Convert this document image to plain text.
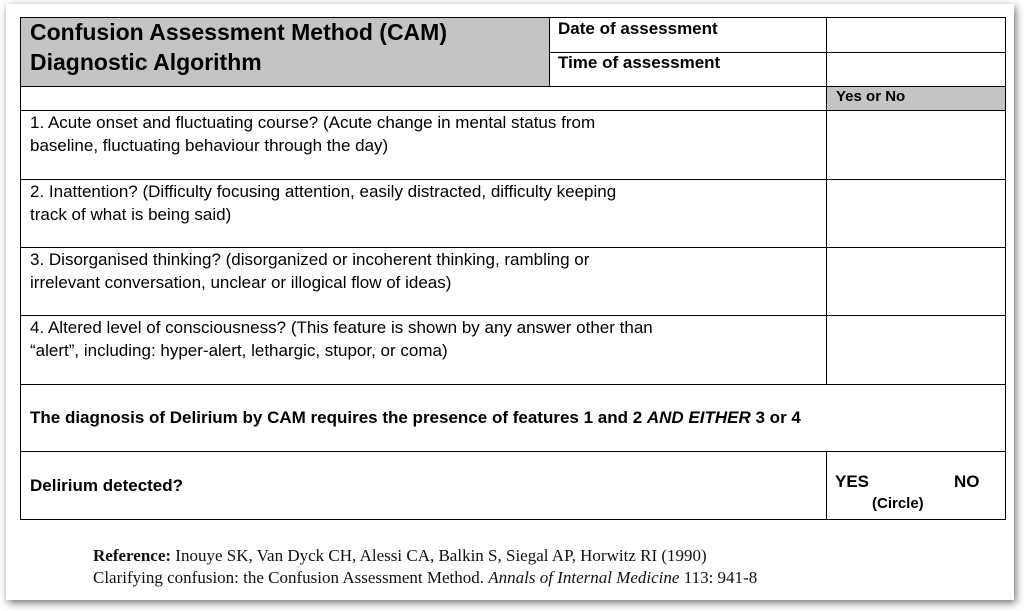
Confusion Assessment Method (CAM)
Diagnostic Algorithm
Date of assessment
Time of assessment
Yes or No
1. Acute onset and fluctuating course? (Acute change in mental status from
baseline, fluctuating behaviour through the day)
2. Inattention? (Difficulty focusing attention, easily distracted, difficulty keeping
track of what is being said)
3. Disorganised thinking? (disorganized or incoherent thinking, rambling or
irrelevant conversation, unclear or illogical flow of ideas)
4. Altered level of consciousness? (This feature is shown by any answer other than
“alert”, including: hyper-alert, lethargic, stupor, or coma)
The diagnosis of Delirium by CAM requires the presence of features 1 and 2 AND EITHER 3 or 4
Delirium detected?	YES	NO
(Circle)
Reference: Inouye SK, Van Dyck CH, Alessi CA, Balkin S, Siegal AP, Horwitz RI (1990)
Clarifying confusion: the Confusion Assessment Method. Annals of Internal Medicine 113: 941-8
